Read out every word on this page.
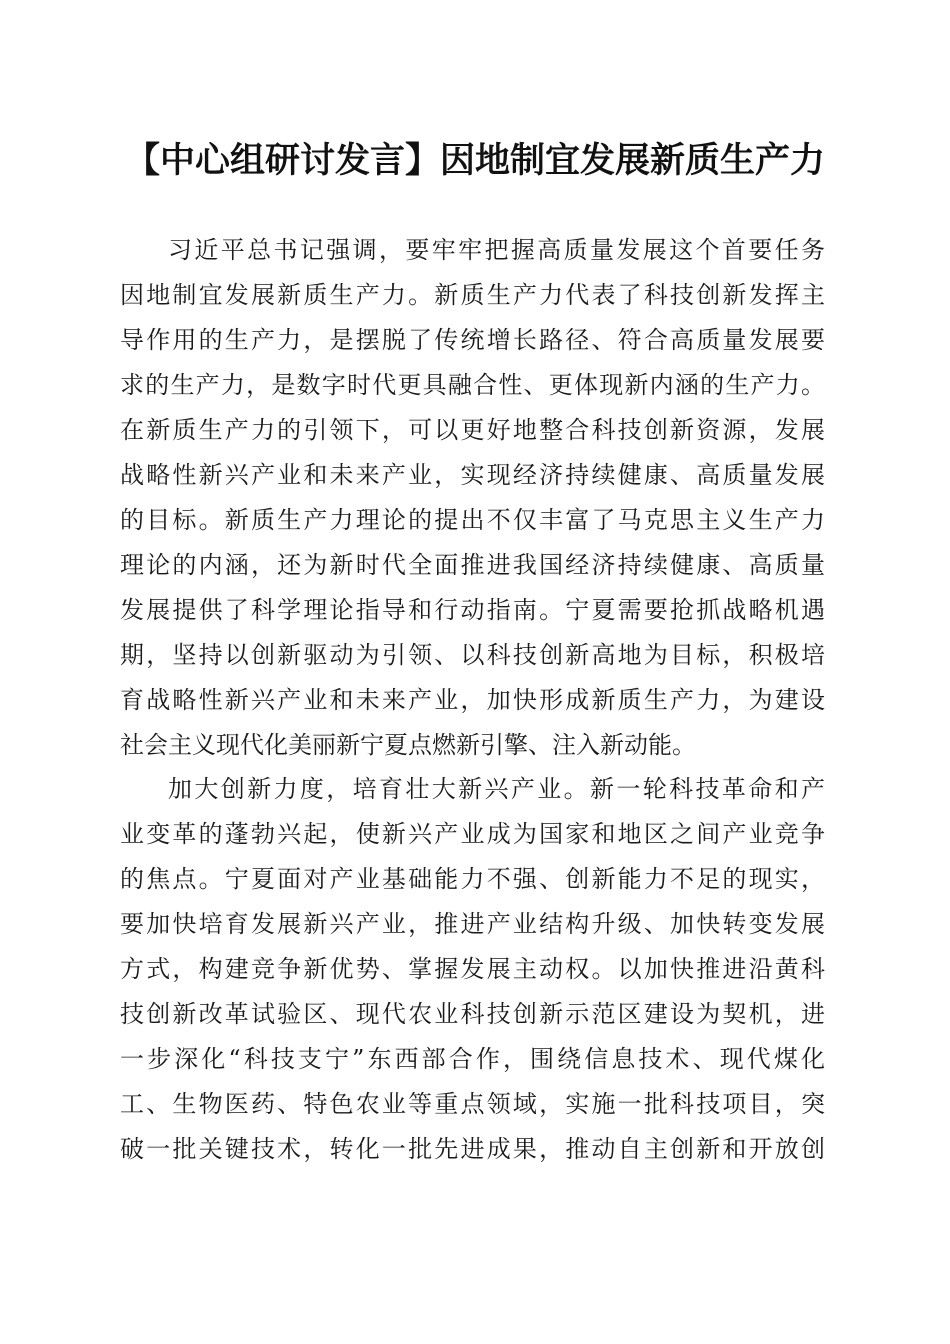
【中心组研讨发言】因地制宜发展新质生产力
习近平总书记强调，要牢牢把握高质量发展这个首要任务
因地制宜发展新质生产力。新质生产力代表了科技创新发挥主
导作用的生产力，是摆脱了传统增长路径、符合高质量发展要
求的生产力，是数字时代更具融合性、更体现新内涵的生产力。
在新质生产力的引领下，可以更好地整合科技创新资源，发展
战略性新兴产业和未来产业，实现经济持续健康、高质量发展
的目标。新质生产力理论的提出不仅丰富了马克思主义生产力
理论的内涵，还为新时代全面推进我国经济持续健康、高质量
发展提供了科学理论指导和行动指南。宁夏需要抢抓战略机遇
期，坚持以创新驱动为引领、以科技创新高地为目标，积极培
育战略性新兴产业和未来产业，加快形成新质生产力，为建设
社会主义现代化美丽新宁夏点燃新引擎、注入新动能。
加大创新力度，培育壮大新兴产业。新一轮科技革命和产
业变革的蓬勃兴起，使新兴产业成为国家和地区之间产业竞争
的焦点。宁夏面对产业基础能力不强、创新能力不足的现实，
要加快培育发展新兴产业，推进产业结构升级、加快转变发展
方式，构建竞争新优势、掌握发展主动权。以加快推进沿黄科
技创新改革试验区、现代农业科技创新示范区建设为契机，进
一步深化“科技支宁”东西部合作，围绕信息技术、现代煤化
工、生物医药、特色农业等重点领域，实施一批科技项目，突
破一批关键技术，转化一批先进成果，推动自主创新和开放创
